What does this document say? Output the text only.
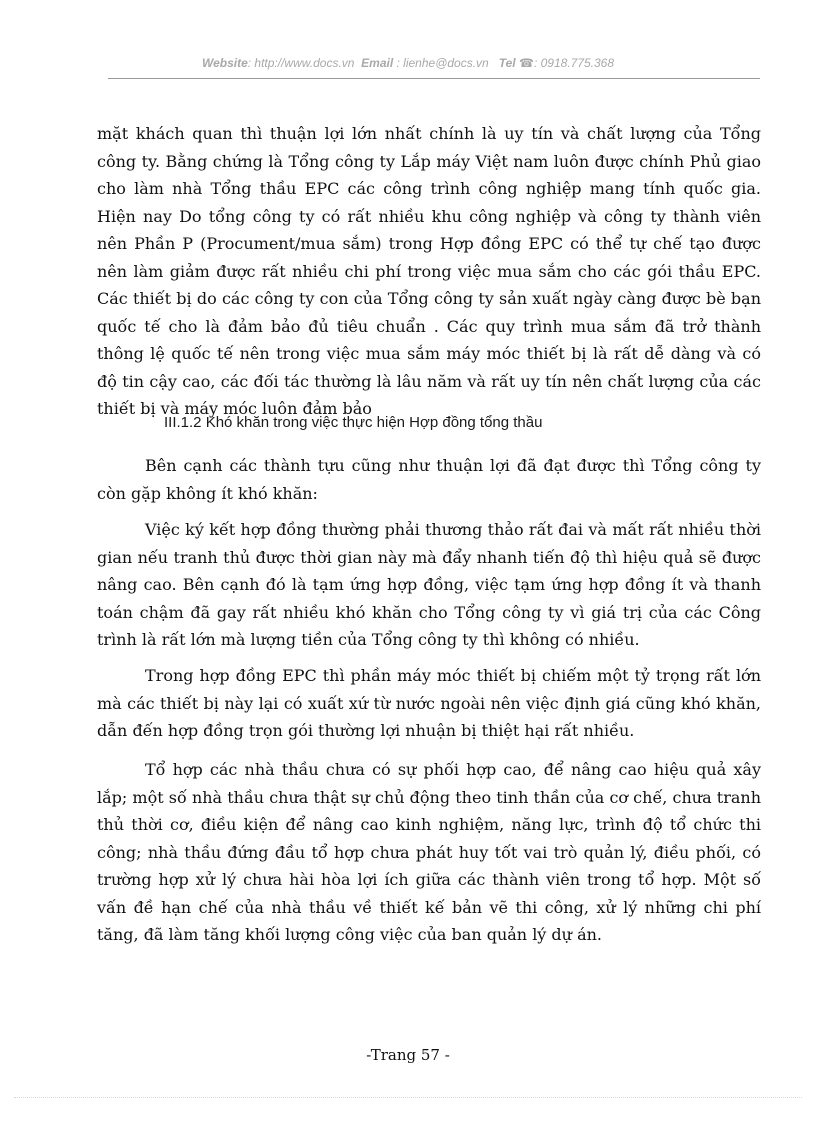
Website: http://www.docs.vn Email : lienhe@docs.vn Tel ☎: 0918.775.368

mặt khách quan thì thuận lợi lớn nhất chính là uy tín và chất lượng của Tổng công ty. Bằng chứng là Tổng công ty Lắp máy Việt nam luôn được chính Phủ giao cho làm nhà Tổng thầu EPC các công trình công nghiệp mang tính quốc gia. Hiện nay Do tổng công ty có rất nhiều khu công nghiệp và công ty thành viên nên Phần P (Procument/mua sắm) trong Hợp đồng EPC có thể tự chế tạo được nên làm giảm được rất nhiều chi phí trong việc mua sắm cho các gói thầu EPC. Các thiết bị do các công ty con của Tổng công ty sản xuất ngày càng được bè bạn quốc tế cho là đảm bảo đủ tiêu chuẩn . Các quy trình mua sắm đã trở thành thông lệ quốc tế nên trong việc mua sắm máy móc thiết bị là rất dễ dàng và có độ tin cậy cao, các đối tác thường là lâu năm và rất uy tín nên chất lượng của các thiết bị và máy móc luôn đảm bảo

III.1.2 Khó khăn trong việc thực hiện Hợp đồng tổng thầu

Bên cạnh các thành tựu cũng như thuận lợi đã đạt được thì Tổng công ty còn gặp không ít khó khăn:

Việc ký kết hợp đồng thường phải thương thảo rất đai và mất rất nhiều thời gian nếu tranh thủ được thời gian này mà đẩy nhanh tiến độ thì hiệu quả sẽ được nâng cao. Bên cạnh đó là tạm ứng hợp đồng, việc tạm ứng hợp đồng ít và thanh toán chậm đã gay rất nhiều khó khăn cho Tổng công ty vì giá trị của các Công trình là rất lớn mà lượng tiền của Tổng công ty thì không có nhiều.

Trong hợp đồng EPC thì phần máy móc thiết bị chiếm một tỷ trọng rất lớn mà các thiết bị này lại có xuất xứ từ nước ngoài nên việc định giá cũng khó khăn, dẫn đến hợp đồng trọn gói thường lợi nhuận bị thiệt hại rất nhiều.

Tổ hợp các nhà thầu chưa có sự phối hợp cao, để nâng cao hiệu quả xây lắp; một số nhà thầu chưa thật sự chủ động theo tinh thần của cơ chế, chưa tranh thủ thời cơ, điều kiện để nâng cao kinh nghiệm, năng lực, trình độ tổ chức thi công; nhà thầu đứng đầu tổ hợp chưa phát huy tốt vai trò quản lý, điều phối, có trường hợp xử lý chưa hài hòa lợi ích giữa các thành viên trong tổ hợp. Một số vấn đề hạn chế của nhà thầu về thiết kế bản vẽ thi công, xử lý những chi phí tăng, đã làm tăng khối lượng công việc của ban quản lý dự án.

-Trang 57 -
